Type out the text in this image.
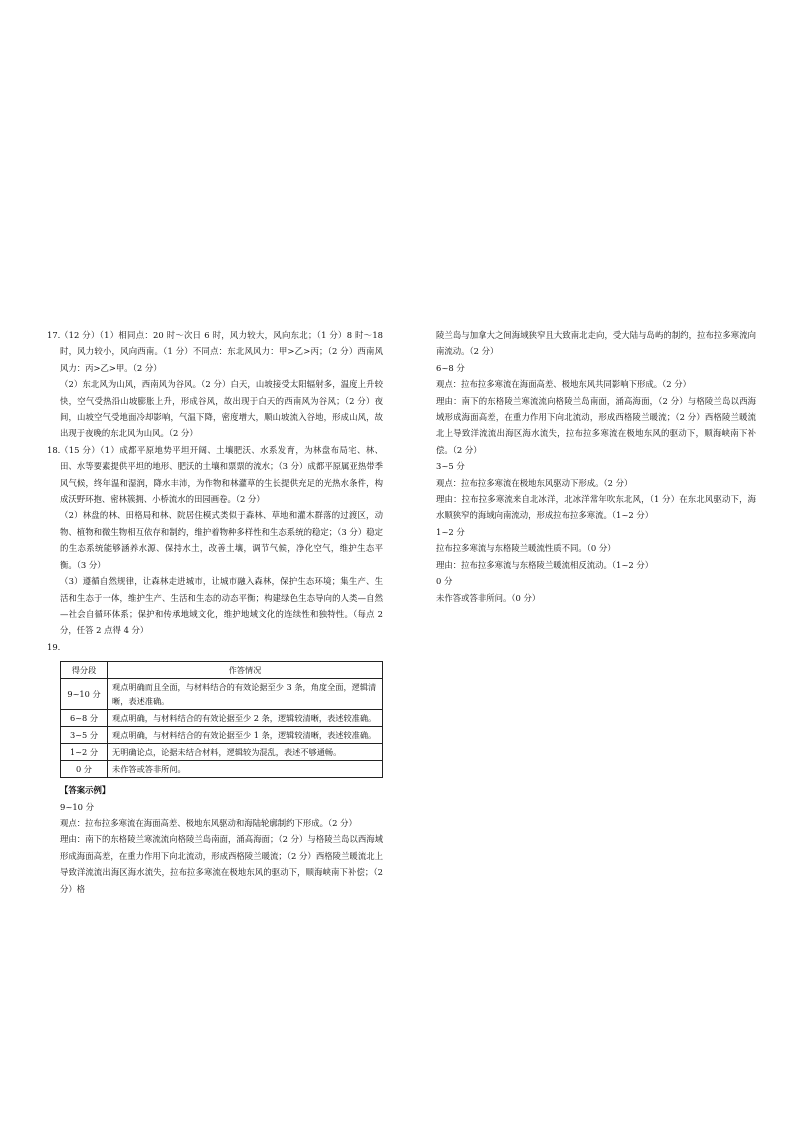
17. （12 分）（1）相同点：20 时～次日 6 时，风力较大，风向东北；（1 分）8 时～18 时，风力较小，风向西南。（1 分）不同点：东北风风力：甲>乙>丙；（2 分）西南风风力：丙>乙>甲。（2 分）

（2）东北风为山风，西南风为谷风。（2 分）白天，山坡接受太阳辐射多，温度上升较快，空气受热沿山坡膨胀上升，形成谷风，故出现于白天的西南风为谷风；（2 分）夜间，山坡空气受地面冷却影响，气温下降，密度增大，顺山坡流入谷地，形成山风，故出现于夜晚的东北风为山风。（2 分）

18. （15 分）（1）成都平原地势平坦开阔、土壤肥沃、水系发育，为林盘布局宅、林、田、水等要素提供平坦的地形、肥沃的土壤和票票的流水；（3 分）成都平原属亚热带季风气候，终年温和湿润，降水丰沛，为作物和林灌草的生长提供充足的光热水条件，构成沃野环抱、密林簇拥、小桥流水的田园画卷。（2 分）

（2）林盘的林、田格局和林、院居住模式类似于森林、草地和灌木群落的过渡区，动物、植物和微生物相互依存和制约，维护着物种多样性和生态系统的稳定；（3 分）稳定的生态系统能够涵养水源、保持水土，改善土壤，调节气候，净化空气，维护生态平衡。（3 分）

（3）遵循自然规律，让森林走进城市，让城市融入森林，保护生态环境；集生产、生活和生态于一体，维护生产、生活和生态的动态平衡；构建绿色生态导向的人类—自然—社会自循环体系；保护和传承地域文化，维护地域文化的连续性和独特性。（每点 2 分，任答 2 点得 4 分）

19.
得分段	作答情况
9~10 分	观点明确而且全面，与材料结合的有效论据至少 3 条，角度全面，逻辑清晰，表述准确。
6~8 分	观点明确，与材料结合的有效论据至少 2 条，逻辑较清晰，表述较准确。
3~5 分	观点明确，与材料结合的有效论据至少 1 条，逻辑较清晰，表述较准确。
1~2 分	无明确论点，论据未结合材料，逻辑较为混乱，表述不够通畅。
0 分	未作答或答非所问。

【答案示例】

9~10 分

观点：拉布拉多寒流在海面高差、极地东风驱动和海陆轮廓制约下形成。（2 分）

理由：南下的东格陵兰寒流流向格陵兰岛南面，涌高海面；（2 分）与格陵兰岛以西海域形成海面高差，在重力作用下向北流动，形成西格陵兰暖流；（2 分）西格陵兰暖流北上导致洋流流出海区海水流失，拉布拉多寒流在极地东风的驱动下，顺海峡南下补偿；（2 分）格

陵兰岛与加拿大之间海域狭窄且大致南北走向，受大陆与岛屿的制约，拉布拉多寒流向南流动。（2 分）

6~8 分

观点：拉布拉多寒流在海面高差、极地东风共同影响下形成。（2 分）

理由：南下的东格陵兰寒流流向格陵兰岛南面，涌高海面，（2 分）与格陵兰岛以西海域形成海面高差，在重力作用下向北流动，形成西格陵兰暖流；（2 分）西格陵兰暖流北上导致洋流流出海区海水流失，拉布拉多寒流在极地东风的驱动下，顺海峡南下补偿。（2 分）

3~5 分

观点：拉布拉多寒流在极地东风驱动下形成。（2 分）

理由：拉布拉多寒流来自北冰洋，北冰洋常年吹东北风，（1 分）在东北风驱动下，海水顺狭窄的海域向南流动，形成拉布拉多寒流。（1~2 分）

1~2 分

拉布拉多寒流与东格陵兰暖流性质不同。（0 分）

理由：拉布拉多寒流与东格陵兰暖流相反流动。（1~2 分）

0 分

未作答或答非所问。（0 分）
